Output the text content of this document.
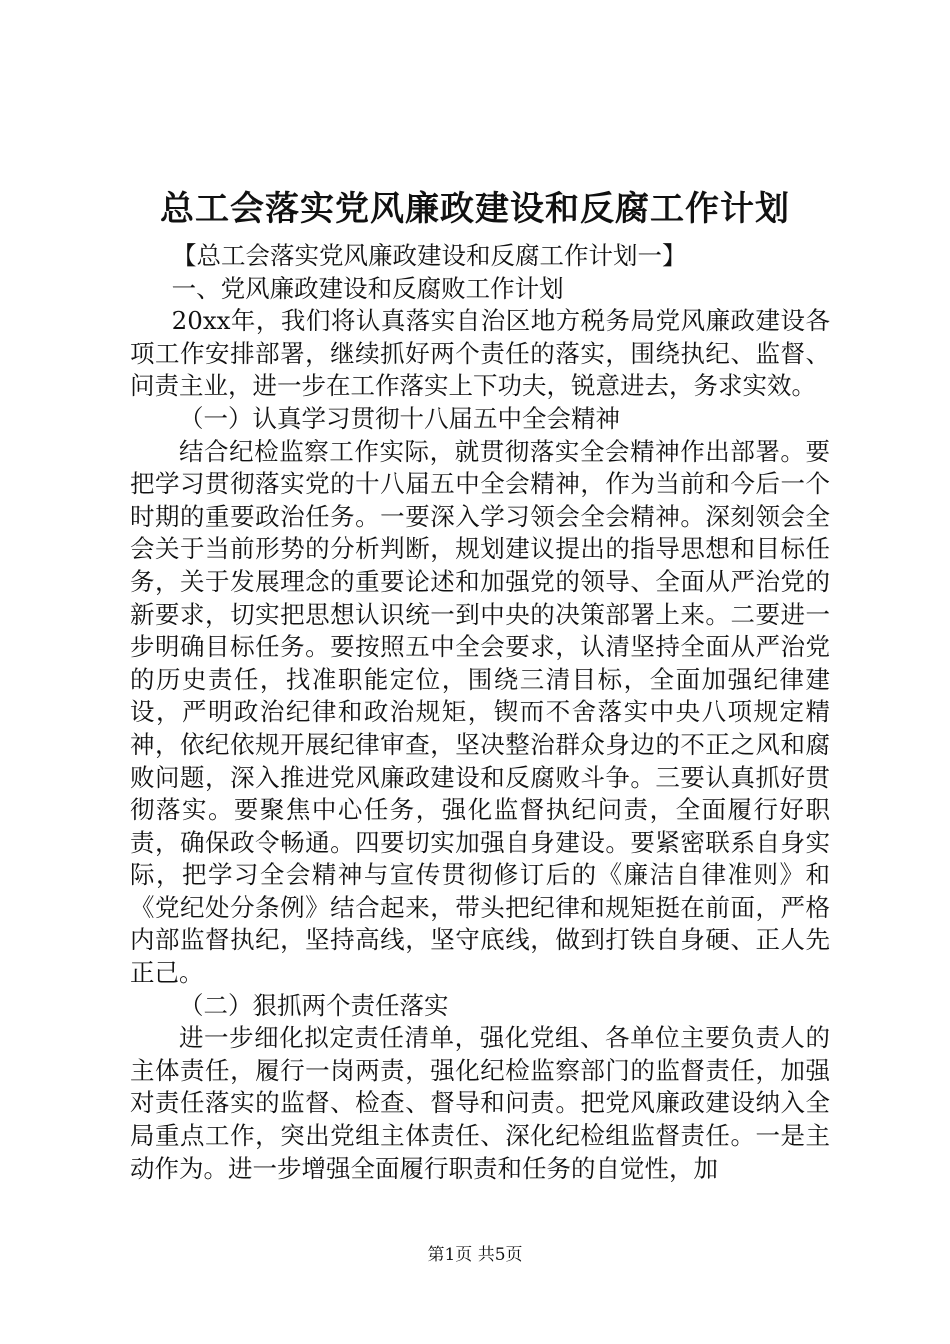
总工会落实党风廉政建设和反腐工作计划

【总工会落实党风廉政建设和反腐工作计划一】

一、党风廉政建设和反腐败工作计划

20xx年，我们将认真落实自治区地方税务局党风廉政建设各项工作安排部署，继续抓好两个责任的落实，围绕执纪、监督、问责主业，进一步在工作落实上下功夫，锐意进去，务求实效。

（一）认真学习贯彻十八届五中全会精神

结合纪检监察工作实际，就贯彻落实全会精神作出部署。要把学习贯彻落实党的十八届五中全会精神，作为当前和今后一个时期的重要政治任务。一要深入学习领会全会精神。深刻领会全会关于当前形势的分析判断，规划建议提出的指导思想和目标任务，关于发展理念的重要论述和加强党的领导、全面从严治党的新要求，切实把思想认识统一到中央的决策部署上来。二要进一步明确目标任务。要按照五中全会要求，认清坚持全面从严治党的历史责任，找准职能定位，围绕三清目标，全面加强纪律建设，严明政治纪律和政治规矩，锲而不舍落实中央八项规定精神，依纪依规开展纪律审查，坚决整治群众身边的不正之风和腐败问题，深入推进党风廉政建设和反腐败斗争。三要认真抓好贯彻落实。要聚焦中心任务，强化监督执纪问责，全面履行好职责，确保政令畅通。四要切实加强自身建设。要紧密联系自身实际，把学习全会精神与宣传贯彻修订后的《廉洁自律准则》和《党纪处分条例》结合起来，带头把纪律和规矩挺在前面，严格内部监督执纪，坚持高线，坚守底线，做到打铁自身硬、正人先正己。

（二）狠抓两个责任落实

进一步细化拟定责任清单，强化党组、各单位主要负责人的主体责任，履行一岗两责，强化纪检监察部门的监督责任，加强对责任落实的监督、检查、督导和问责。把党风廉政建设纳入全局重点工作，突出党组主体责任、深化纪检组监督责任。一是主动作为。进一步增强全面履行职责和任务的自觉性，加

第1页 共5页
